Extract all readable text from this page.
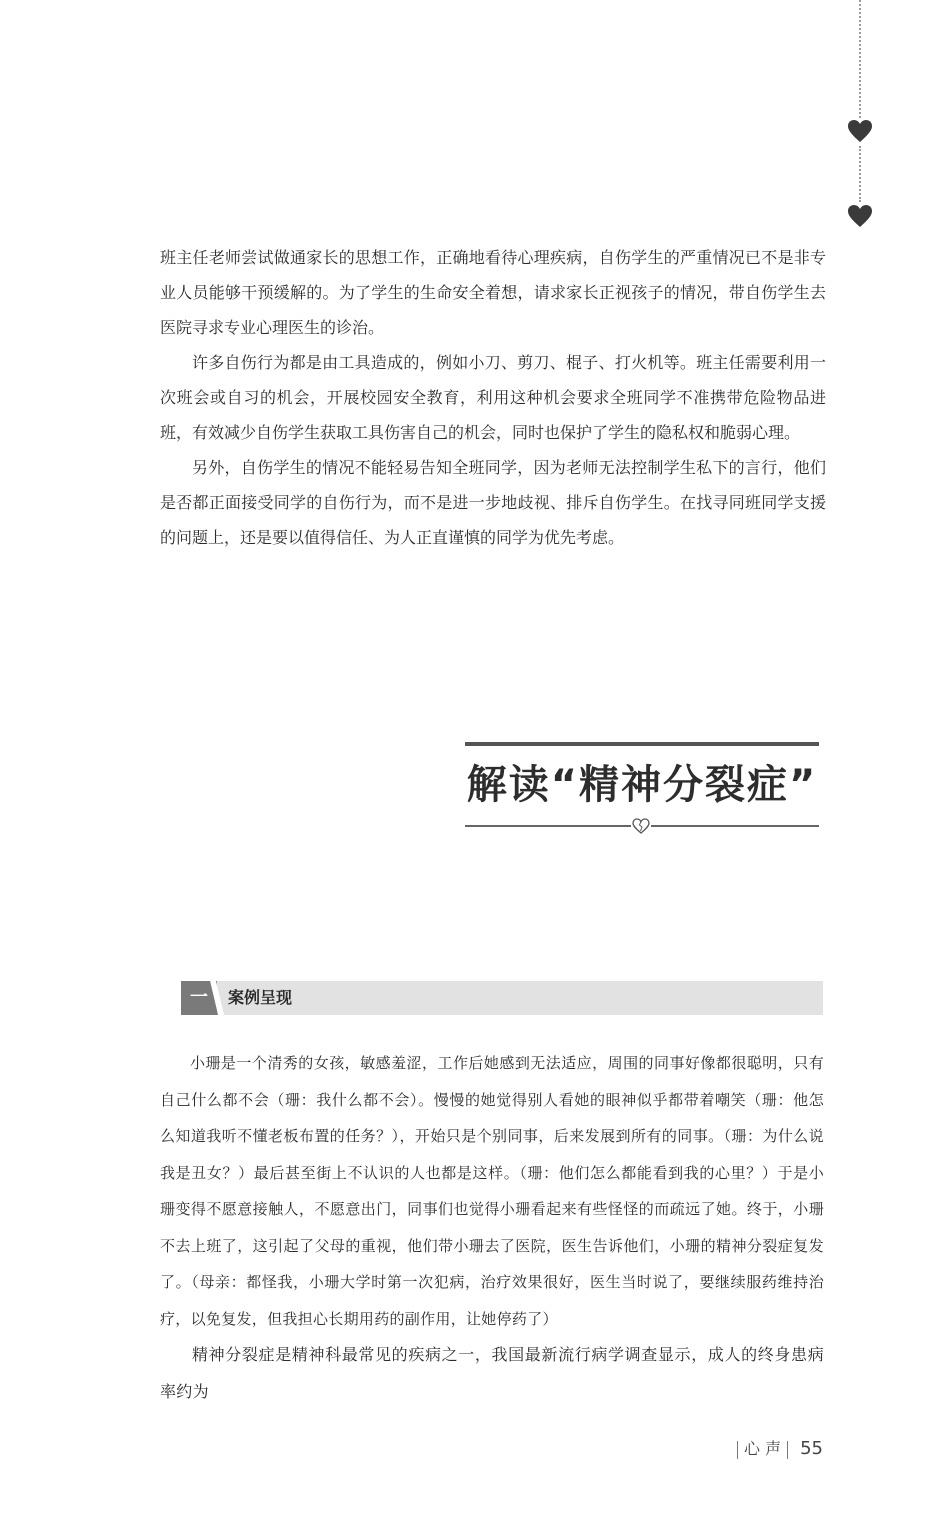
班主任老师尝试做通家长的思想工作，正确地看待心理疾病，自伤学生的严重情况已不是非专业人员能够干预缓解的。为了学生的生命安全着想，请求家长正视孩子的情况，带自伤学生去医院寻求专业心理医生的诊治。

许多自伤行为都是由工具造成的，例如小刀、剪刀、棍子、打火机等。班主任需要利用一次班会或自习的机会，开展校园安全教育，利用这种机会要求全班同学不准携带危险物品进班，有效减少自伤学生获取工具伤害自己的机会，同时也保护了学生的隐私权和脆弱心理。

另外，自伤学生的情况不能轻易告知全班同学，因为老师无法控制学生私下的言行，他们是否都正面接受同学的自伤行为，而不是进一步地歧视、排斥自伤学生。在找寻同班同学支援的问题上，还是要以值得信任、为人正直谨慎的同学为优先考虑。

解读“精神分裂症”
一	案例呈现

小珊是一个清秀的女孩，敏感羞涩，工作后她感到无法适应，周围的同事好像都很聪明，只有自己什么都不会（珊：我什么都不会）。慢慢的她觉得别人看她的眼神似乎都带着嘲笑（珊：他怎么知道我听不懂老板布置的任务？），开始只是个别同事，后来发展到所有的同事。（珊：为什么说我是丑女？）最后甚至街上不认识的人也都是这样。（珊：他们怎么都能看到我的心里？）于是小珊变得不愿意接触人，不愿意出门，同事们也觉得小珊看起来有些怪怪的而疏远了她。终于，小珊不去上班了，这引起了父母的重视，他们带小珊去了医院，医生告诉他们，小珊的精神分裂症复发了。（母亲：都怪我，小珊大学时第一次犯病，治疗效果很好，医生当时说了，要继续服药维持治疗，以免复发，但我担心长期用药的副作用，让她停药了）

精神分裂症是精神科最常见的疾病之一，我国最新流行病学调查显示，成人的终身患病率约为

心 声 55
